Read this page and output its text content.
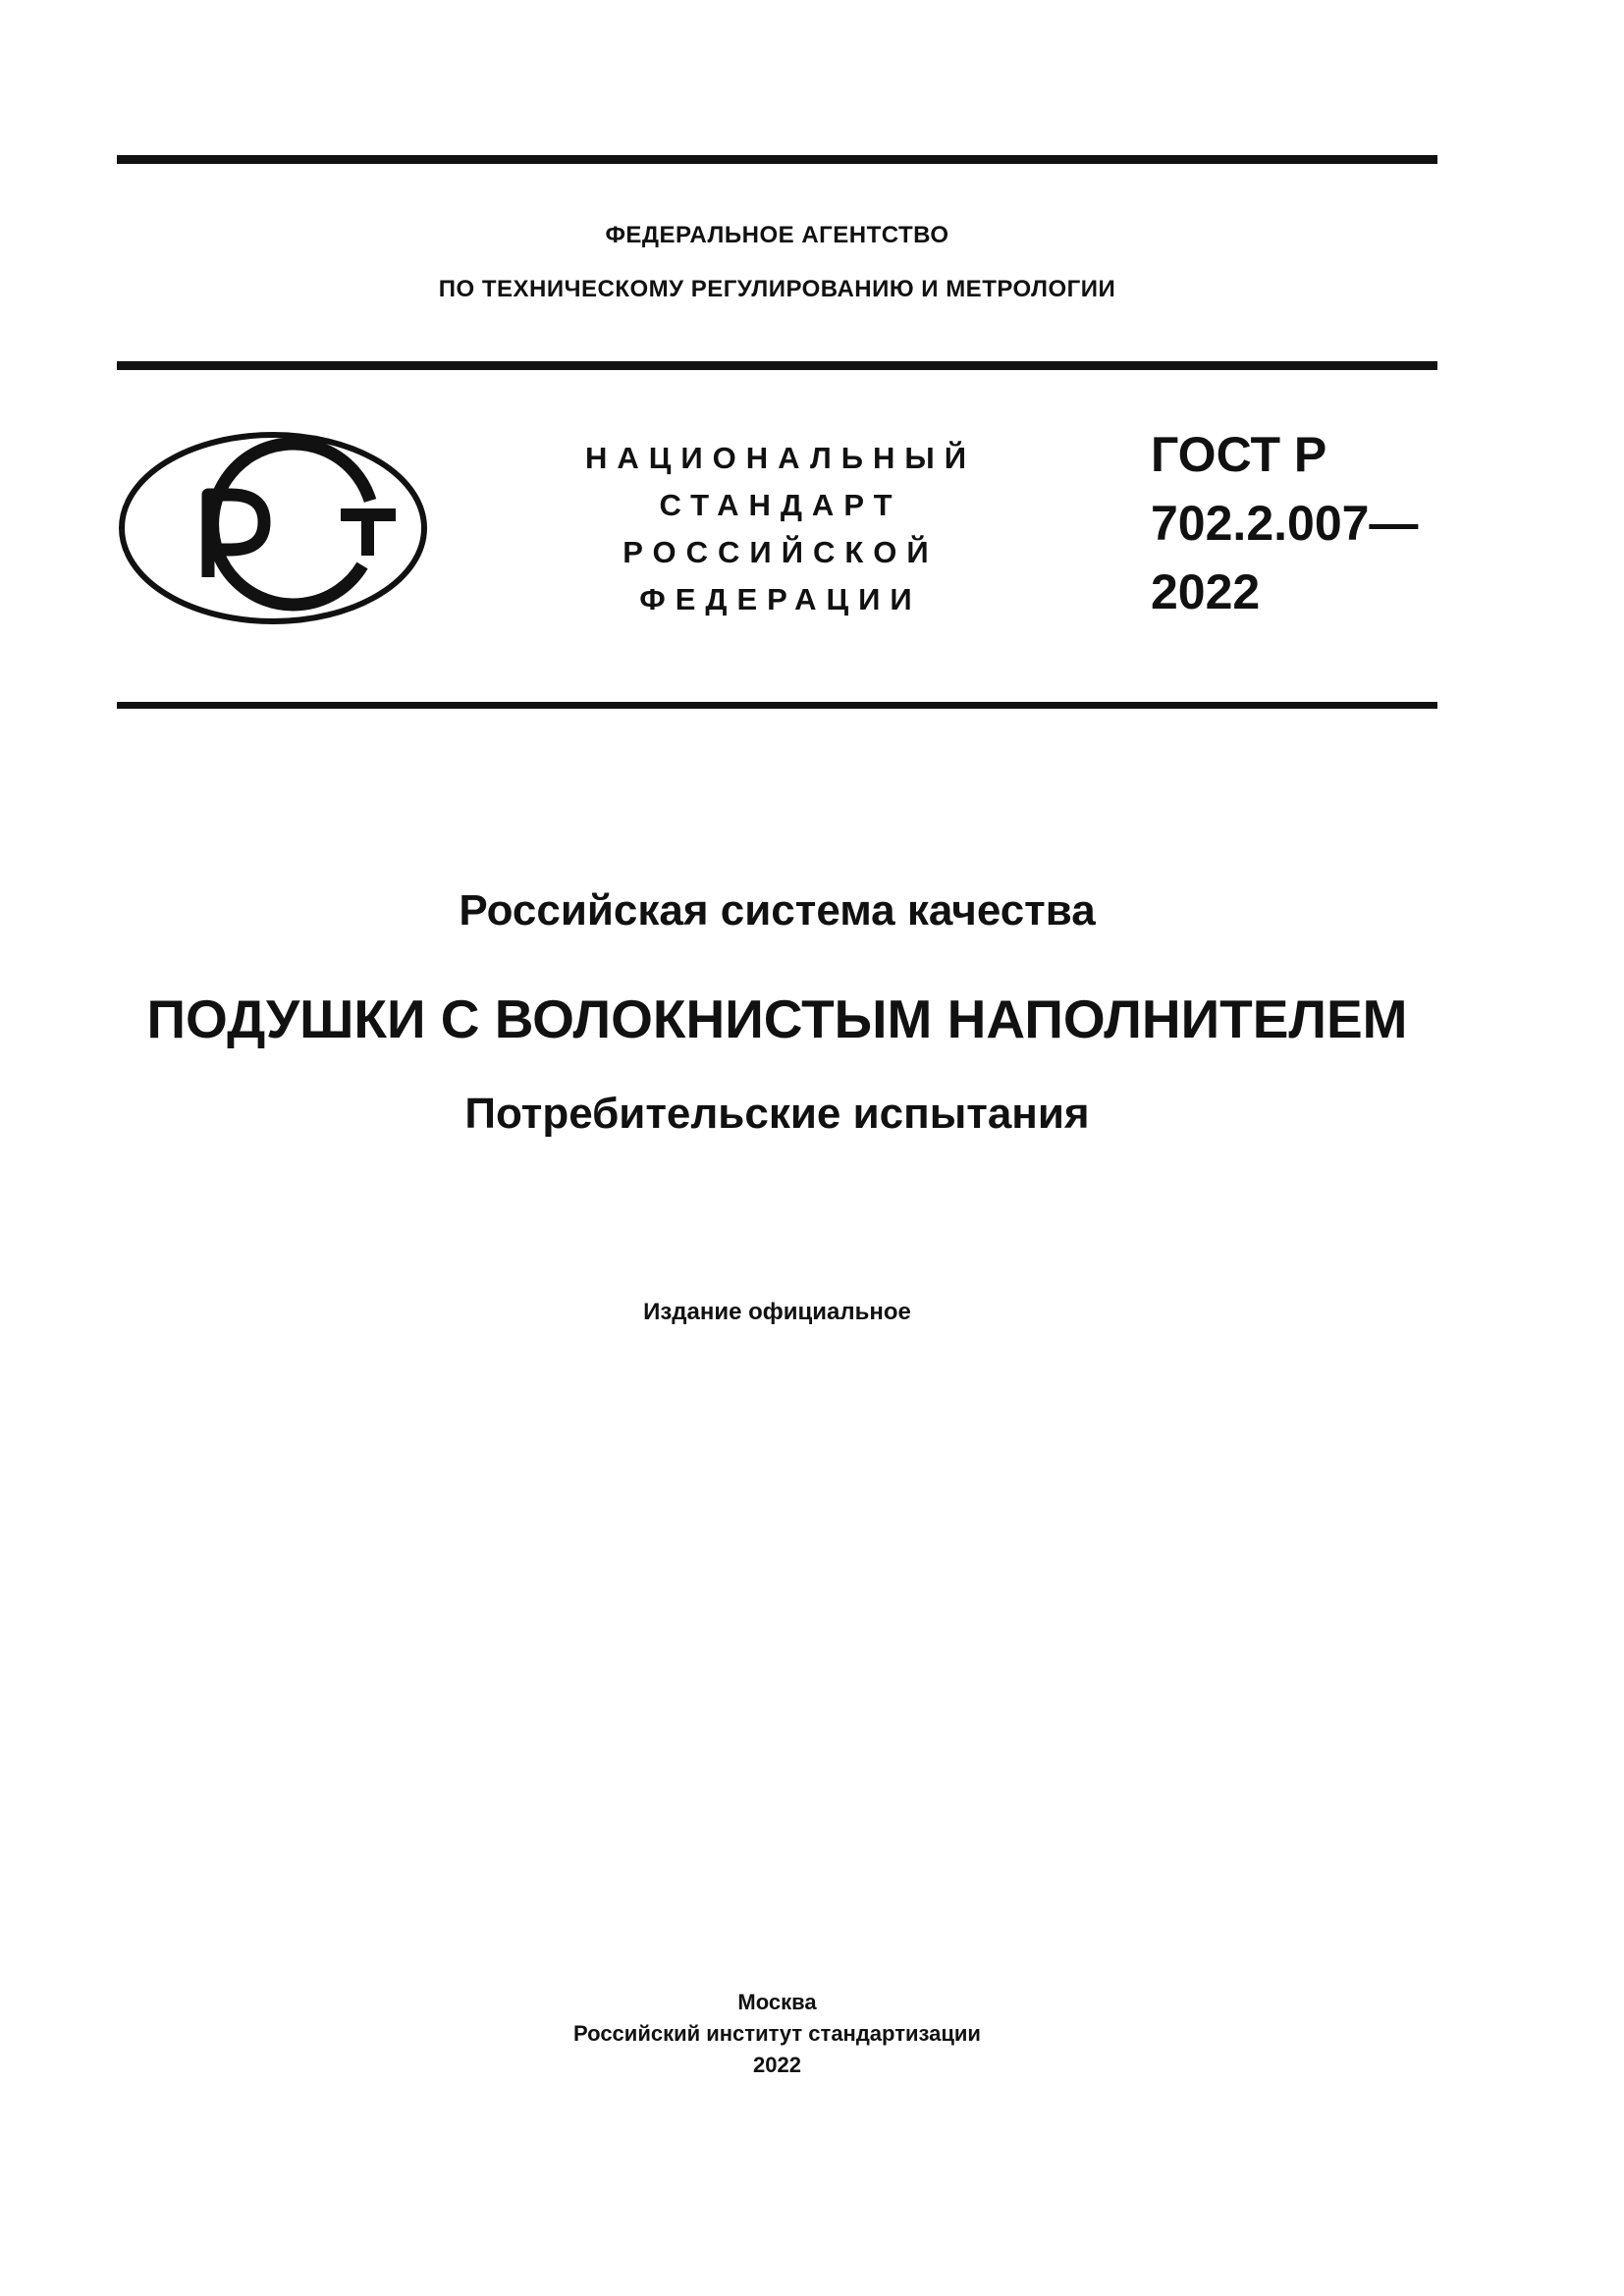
ФЕДЕРАЛЬНОЕ АГЕНТСТВО
ПО ТЕХНИЧЕСКОМУ РЕГУЛИРОВАНИЮ И МЕТРОЛОГИИ
НАЦИОНАЛЬНЫЙ
СТАНДАРТ
РОССИЙСКОЙ
ФЕДЕРАЦИИ
ГОСТ Р
702.2.007—
2022
Российская система качества
ПОДУШКИ С ВОЛОКНИСТЫМ НАПОЛНИТЕЛЕМ
Потребительские испытания
Издание официальное
Москва
Российский институт стандартизации
2022
